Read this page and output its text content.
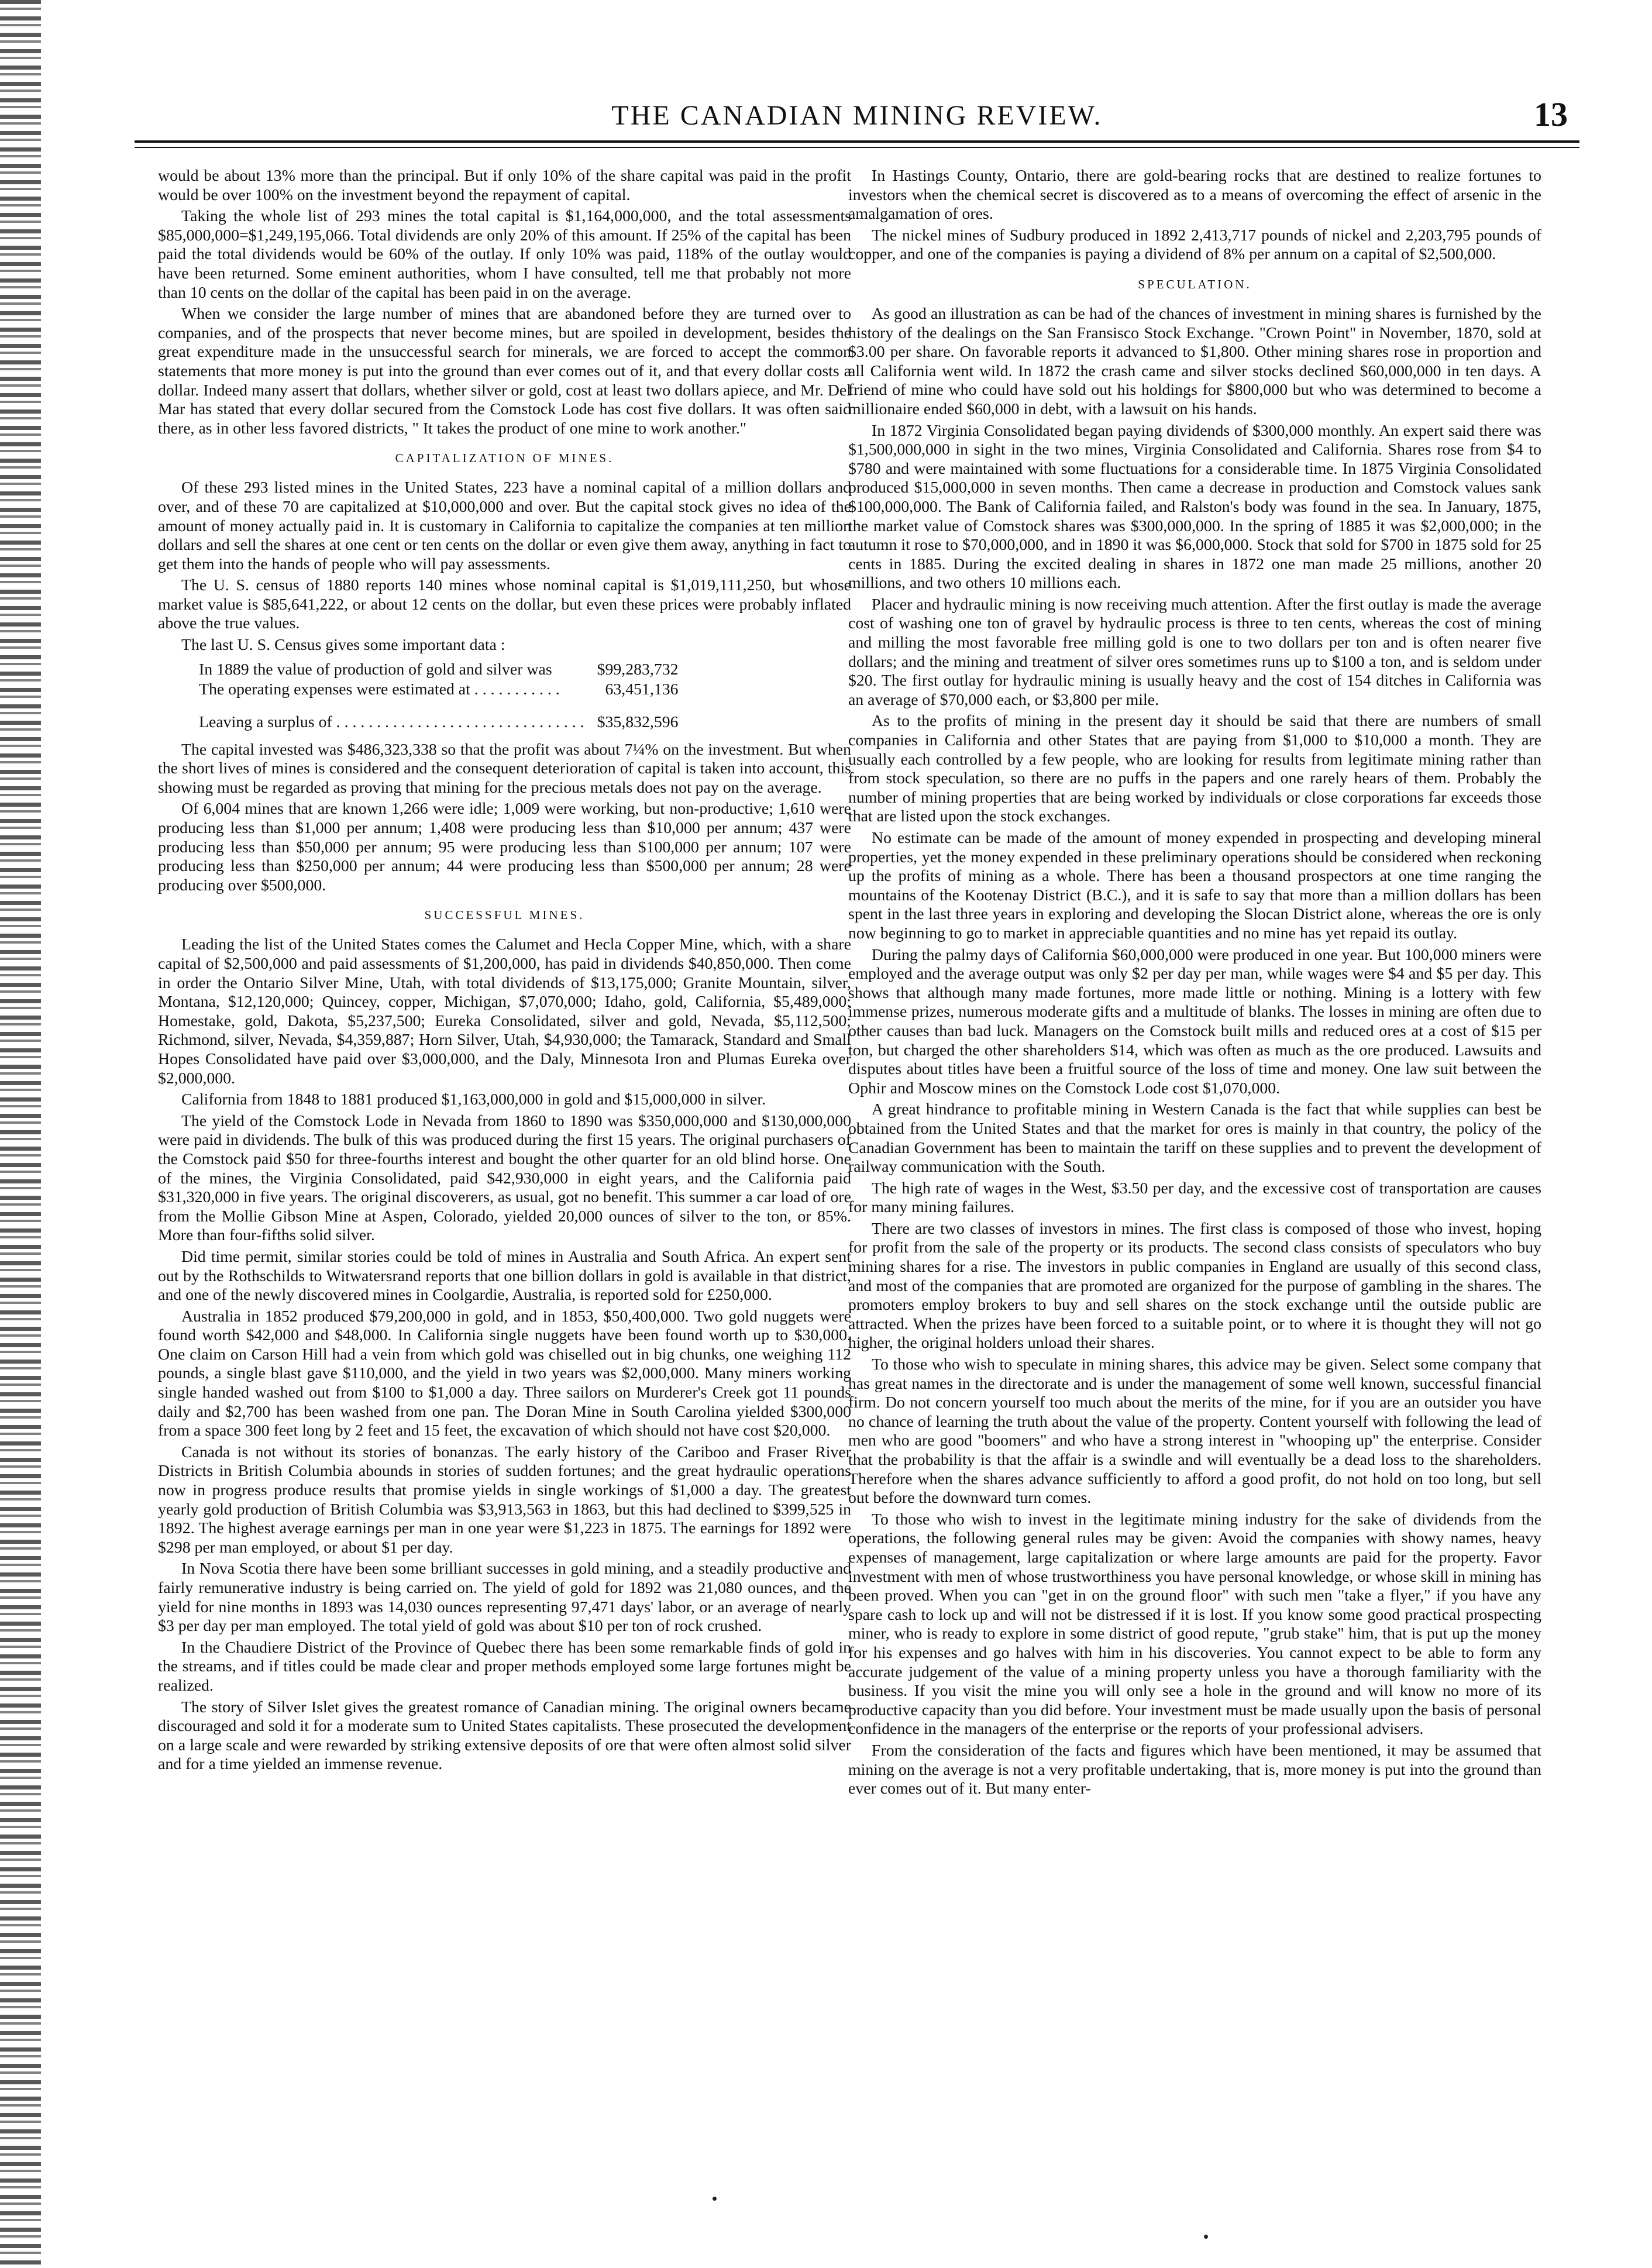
THE CANADIAN MINING REVIEW.	13

would be about 13% more than the principal. But if only 10% of the share capital was paid in the profit would be over 100% on the investment beyond the repayment of capital.

Taking the whole list of 293 mines the total capital is $1,164,000,000, and the total assessments $85,000,000=$1,249,195,066. Total dividends are only 20% of this amount. If 25% of the capital has been paid the total dividends would be 60% of the outlay. If only 10% was paid, 118% of the outlay would have been returned. Some eminent authorities, whom I have consulted, tell me that probably not more than 10 cents on the dollar of the capital has been paid in on the average.

When we consider the large number of mines that are abandoned before they are turned over to companies, and of the prospects that never become mines, but are spoiled in development, besides the great expenditure made in the unsuccessful search for minerals, we are forced to accept the common statements that more money is put into the ground than ever comes out of it, and that every dollar costs a dollar. Indeed many assert that dollars, whether silver or gold, cost at least two dollars apiece, and Mr. Del Mar has stated that every dollar secured from the Comstock Lode has cost five dollars. It was often said there, as in other less favored districts, " It takes the product of one mine to work another."

CAPITALIZATION OF MINES.

Of these 293 listed mines in the United States, 223 have a nominal capital of a million dollars and over, and of these 70 are capitalized at $10,000,000 and over. But the capital stock gives no idea of the amount of money actually paid in. It is customary in California to capitalize the companies at ten million dollars and sell the shares at one cent or ten cents on the dollar or even give them away, anything in fact to get them into the hands of people who will pay assessments.

The U. S. census of 1880 reports 140 mines whose nominal capital is $1,019,111,250, but whose market value is $85,641,222, or about 12 cents on the dollar, but even these prices were probably inflated above the true values.

The last U. S. Census gives some important data :

In 1889 the value of production of gold and silver was	$99,283,732
The operating expenses were estimated at . . . . . . . . . . .	63,451,136

Leaving a surplus of . . . . . . . . . . . . . . . . . . . . . . . . . . . . . . .	$35,832,596

The capital invested was $486,323,338 so that the profit was about 7¼% on the investment. But when the short lives of mines is considered and the consequent deterioration of capital is taken into account, this showing must be regarded as proving that mining for the precious metals does not pay on the average.

Of 6,004 mines that are known 1,266 were idle; 1,009 were working, but non-productive; 1,610 were producing less than $1,000 per annum; 1,408 were producing less than $10,000 per annum; 437 were producing less than $50,000 per annum; 95 were producing less than $100,000 per annum; 107 were producing less than $250,000 per annum; 44 were producing less than $500,000 per annum; 28 were producing over $500,000.

SUCCESSFUL MINES.

Leading the list of the United States comes the Calumet and Hecla Copper Mine, which, with a share capital of $2,500,000 and paid assessments of $1,200,000, has paid in dividends $40,850,000. Then come in order the Ontario Silver Mine, Utah, with total dividends of $13,175,000; Granite Mountain, silver, Montana, $12,120,000; Quincey, copper, Michigan, $7,070,000; Idaho, gold, California, $5,489,000; Homestake, gold, Dakota, $5,237,500; Eureka Consolidated, silver and gold, Nevada, $5,112,500; Richmond, silver, Nevada, $4,359,887; Horn Silver, Utah, $4,930,000; the Tamarack, Standard and Small Hopes Consolidated have paid over $3,000,000, and the Daly, Minnesota Iron and Plumas Eureka over $2,000,000.

California from 1848 to 1881 produced $1,163,000,000 in gold and $15,000,000 in silver.

The yield of the Comstock Lode in Nevada from 1860 to 1890 was $350,000,000 and $130,000,000 were paid in dividends. The bulk of this was produced during the first 15 years. The original purchasers of the Comstock paid $50 for three-fourths interest and bought the other quarter for an old blind horse. One of the mines, the Virginia Consolidated, paid $42,930,000 in eight years, and the California paid $31,320,000 in five years. The original discoverers, as usual, got no benefit. This summer a car load of ore from the Mollie Gibson Mine at Aspen, Colorado, yielded 20,000 ounces of silver to the ton, or 85%. More than four-fifths solid silver.

Did time permit, similar stories could be told of mines in Australia and South Africa. An expert sent out by the Rothschilds to Witwatersrand reports that one billion dollars in gold is available in that district, and one of the newly discovered mines in Coolgardie, Australia, is reported sold for £250,000.

Australia in 1852 produced $79,200,000 in gold, and in 1853, $50,400,000. Two gold nuggets were found worth $42,000 and $48,000. In California single nuggets have been found worth up to $30,000. One claim on Carson Hill had a vein from which gold was chiselled out in big chunks, one weighing 112 pounds, a single blast gave $110,000, and the yield in two years was $2,000,000. Many miners working single handed washed out from $100 to $1,000 a day. Three sailors on Murderer's Creek got 11 pounds daily and $2,700 has been washed from one pan. The Doran Mine in South Carolina yielded $300,000 from a space 300 feet long by 2 feet and 15 feet, the excavation of which should not have cost $20,000.

Canada is not without its stories of bonanzas. The early history of the Cariboo and Fraser River Districts in British Columbia abounds in stories of sudden fortunes; and the great hydraulic operations now in progress produce results that promise yields in single workings of $1,000 a day. The greatest yearly gold production of British Columbia was $3,913,563 in 1863, but this had declined to $399,525 in 1892. The highest average earnings per man in one year were $1,223 in 1875. The earnings for 1892 were $298 per man employed, or about $1 per day.

In Nova Scotia there have been some brilliant successes in gold mining, and a steadily productive and fairly remunerative industry is being carried on. The yield of gold for 1892 was 21,080 ounces, and the yield for nine months in 1893 was 14,030 ounces representing 97,471 days' labor, or an average of nearly $3 per day per man employed. The total yield of gold was about $10 per ton of rock crushed.

In the Chaudiere District of the Province of Quebec there has been some remarkable finds of gold in the streams, and if titles could be made clear and proper methods employed some large fortunes might be realized.

The story of Silver Islet gives the greatest romance of Canadian mining. The original owners became discouraged and sold it for a moderate sum to United States capitalists. These prosecuted the development on a large scale and were rewarded by striking extensive deposits of ore that were often almost solid silver and for a time yielded an immense revenue.

In Hastings County, Ontario, there are gold-bearing rocks that are destined to realize fortunes to investors when the chemical secret is discovered as to a means of overcoming the effect of arsenic in the amalgamation of ores.

The nickel mines of Sudbury produced in 1892 2,413,717 pounds of nickel and 2,203,795 pounds of copper, and one of the companies is paying a dividend of 8% per annum on a capital of $2,500,000.

SPECULATION.

As good an illustration as can be had of the chances of investment in mining shares is furnished by the history of the dealings on the San Fransisco Stock Exchange. "Crown Point" in November, 1870, sold at $3.00 per share. On favorable reports it advanced to $1,800. Other mining shares rose in proportion and all California went wild. In 1872 the crash came and silver stocks declined $60,000,000 in ten days. A friend of mine who could have sold out his holdings for $800,000 but who was determined to become a millionaire ended $60,000 in debt, with a lawsuit on his hands.

In 1872 Virginia Consolidated began paying dividends of $300,000 monthly. An expert said there was $1,500,000,000 in sight in the two mines, Virginia Consolidated and California. Shares rose from $4 to $780 and were maintained with some fluctuations for a considerable time. In 1875 Virginia Consolidated produced $15,000,000 in seven months. Then came a decrease in production and Comstock values sank $100,000,000. The Bank of California failed, and Ralston's body was found in the sea. In January, 1875, the market value of Comstock shares was $300,000,000. In the spring of 1885 it was $2,000,000; in the autumn it rose to $70,000,000, and in 1890 it was $6,000,000. Stock that sold for $700 in 1875 sold for 25 cents in 1885. During the excited dealing in shares in 1872 one man made 25 millions, another 20 millions, and two others 10 millions each.

Placer and hydraulic mining is now receiving much attention. After the first outlay is made the average cost of washing one ton of gravel by hydraulic process is three to ten cents, whereas the cost of mining and milling the most favorable free milling gold is one to two dollars per ton and is often nearer five dollars; and the mining and treatment of silver ores sometimes runs up to $100 a ton, and is seldom under $20. The first outlay for hydraulic mining is usually heavy and the cost of 154 ditches in California was an average of $70,000 each, or $3,800 per mile.

As to the profits of mining in the present day it should be said that there are numbers of small companies in California and other States that are paying from $1,000 to $10,000 a month. They are usually each controlled by a few people, who are looking for results from legitimate mining rather than from stock speculation, so there are no puffs in the papers and one rarely hears of them. Probably the number of mining properties that are being worked by individuals or close corporations far exceeds those that are listed upon the stock exchanges.

No estimate can be made of the amount of money expended in prospecting and developing mineral properties, yet the money expended in these preliminary operations should be considered when reckoning up the profits of mining as a whole. There has been a thousand prospectors at one time ranging the mountains of the Kootenay District (B.C.), and it is safe to say that more than a million dollars has been spent in the last three years in exploring and developing the Slocan District alone, whereas the ore is only now beginning to go to market in appreciable quantities and no mine has yet repaid its outlay.

During the palmy days of California $60,000,000 were produced in one year. But 100,000 miners were employed and the average output was only $2 per day per man, while wages were $4 and $5 per day. This shows that although many made fortunes, more made little or nothing. Mining is a lottery with few immense prizes, numerous moderate gifts and a multitude of blanks. The losses in mining are often due to other causes than bad luck. Managers on the Comstock built mills and reduced ores at a cost of $15 per ton, but charged the other shareholders $14, which was often as much as the ore produced. Lawsuits and disputes about titles have been a fruitful source of the loss of time and money. One law suit between the Ophir and Moscow mines on the Comstock Lode cost $1,070,000.

A great hindrance to profitable mining in Western Canada is the fact that while supplies can best be obtained from the United States and that the market for ores is mainly in that country, the policy of the Canadian Government has been to maintain the tariff on these supplies and to prevent the development of railway communication with the South.

The high rate of wages in the West, $3.50 per day, and the excessive cost of transportation are causes for many mining failures.

There are two classes of investors in mines. The first class is composed of those who invest, hoping for profit from the sale of the property or its products. The second class consists of speculators who buy mining shares for a rise. The investors in public companies in England are usually of this second class, and most of the companies that are promoted are organized for the purpose of gambling in the shares. The promoters employ brokers to buy and sell shares on the stock exchange until the outside public are attracted. When the prizes have been forced to a suitable point, or to where it is thought they will not go higher, the original holders unload their shares.

To those who wish to speculate in mining shares, this advice may be given. Select some company that has great names in the directorate and is under the management of some well known, successful financial firm. Do not concern yourself too much about the merits of the mine, for if you are an outsider you have no chance of learning the truth about the value of the property. Content yourself with following the lead of men who are good "boomers" and who have a strong interest in "whooping up" the enterprise. Consider that the probability is that the affair is a swindle and will eventually be a dead loss to the shareholders. Therefore when the shares advance sufficiently to afford a good profit, do not hold on too long, but sell out before the downward turn comes.

To those who wish to invest in the legitimate mining industry for the sake of dividends from the operations, the following general rules may be given: Avoid the companies with showy names, heavy expenses of management, large capitalization or where large amounts are paid for the property. Favor investment with men of whose trustworthiness you have personal knowledge, or whose skill in mining has been proved. When you can "get in on the ground floor" with such men "take a flyer," if you have any spare cash to lock up and will not be distressed if it is lost. If you know some good practical prospecting miner, who is ready to explore in some district of good repute, "grub stake" him, that is put up the money for his expenses and go halves with him in his discoveries. You cannot expect to be able to form any accurate judgement of the value of a mining property unless you have a thorough familiarity with the business. If you visit the mine you will only see a hole in the ground and will know no more of its productive capacity than you did before. Your investment must be made usually upon the basis of personal confidence in the managers of the enterprise or the reports of your professional advisers.

From the consideration of the facts and figures which have been mentioned, it may be assumed that mining on the average is not a very profitable undertaking, that is, more money is put into the ground than ever comes out of it. But many enter-
